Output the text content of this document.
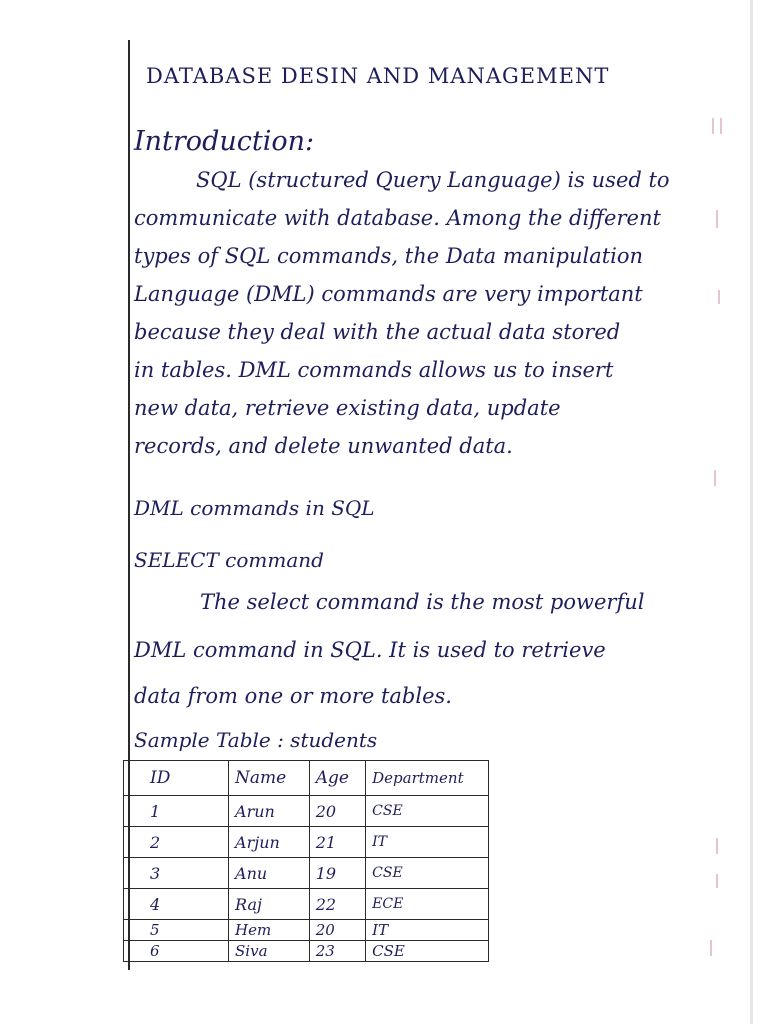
DATABASE DESIN AND MANAGEMENT
Introduction:
SQL (structured Query Language) is used to
communicate with database. Among the different
types of SQL commands, the Data manipulation
Language (DML) commands are very important
because they deal with the actual data stored
in tables. DML commands allows us to insert
new data, retrieve existing data, update
records, and delete unwanted data.
DML commands in SQL
SELECT command
The select command is the most powerful
DML command in SQL. It is used to retrieve
data from one or more tables.
Sample Table : students
ID	Name	Age	Department
1	Arun	20	CSE
2	Arjun	21	IT
3	Anu	19	CSE
4	Raj	22	ECE
5	Hem	20	IT
6	Siva	23	CSE
